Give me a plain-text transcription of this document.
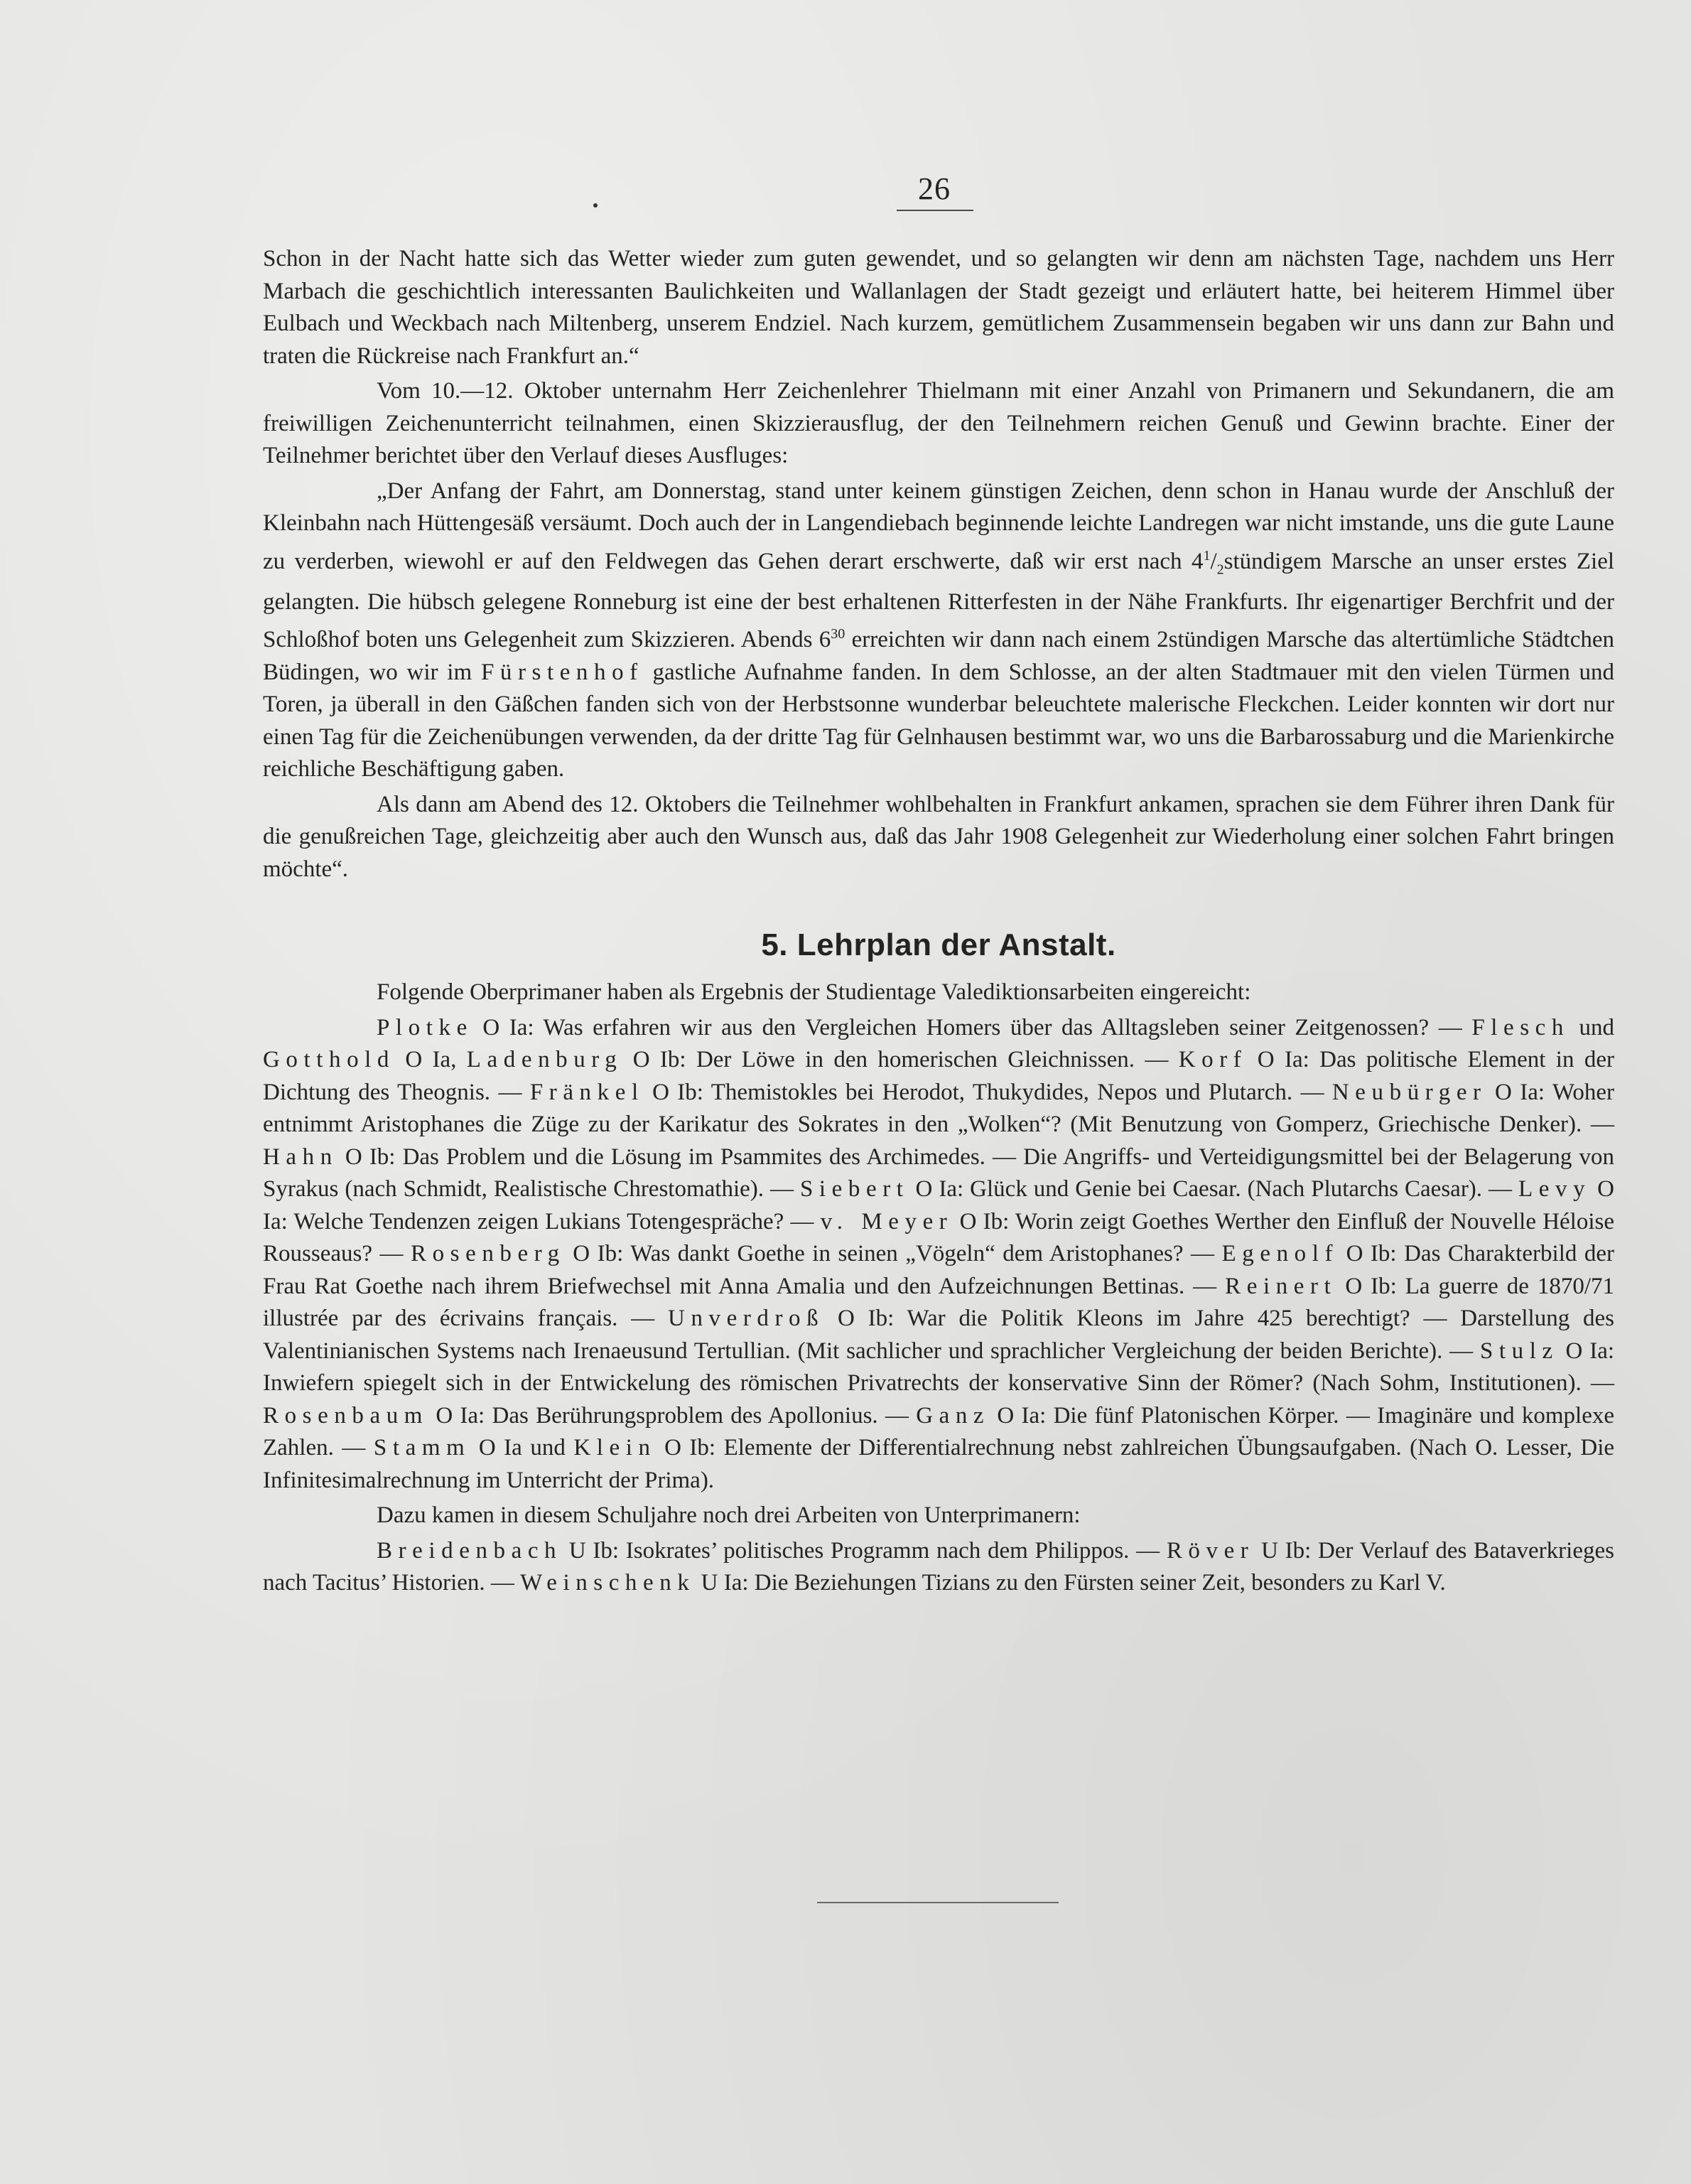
26

Schon in der Nacht hatte sich das Wetter wieder zum guten gewendet, und so gelangten wir denn am nächsten Tage, nachdem uns Herr Marbach die geschichtlich interessanten Baulichkeiten und Wallanlagen der Stadt gezeigt und erläutert hatte, bei heiterem Himmel über Eulbach und Weckbach nach Miltenberg, unserem Endziel. Nach kurzem, gemütlichem Zusammensein begaben wir uns dann zur Bahn und traten die Rückreise nach Frankfurt an.“

Vom 10.—12. Oktober unternahm Herr Zeichenlehrer Thielmann mit einer Anzahl von Primanern und Sekundanern, die am freiwilligen Zeichenunterricht teilnahmen, einen Skizzierausflug, der den Teilnehmern reichen Genuß und Gewinn brachte. Einer der Teilnehmer berichtet über den Verlauf dieses Ausfluges:

„Der Anfang der Fahrt, am Donnerstag, stand unter keinem günstigen Zeichen, denn schon in Hanau wurde der Anschluß der Kleinbahn nach Hüttengesäß versäumt. Doch auch der in Langendiebach beginnende leichte Landregen war nicht imstande, uns die gute Laune zu verderben, wiewohl er auf den Feldwegen das Gehen derart erschwerte, daß wir erst nach $4^1/_2stündigem$ Marsche an unser erstes Ziel gelangten. Die hübsch gelegene Ronneburg ist eine der best erhaltenen Ritterfesten in der Nähe Frankfurts. Ihr eigenartiger Berchfrit und der Schloßhof boten uns Gelegenheit zum Skizzieren. Abends $6^{30}$ erreichten wir dann nach einem 2stündigen Marsche das altertümliche Städtchen Büdingen, wo wir im Fürstenhof gastliche Aufnahme fanden. In dem Schlosse, an der alten Stadtmauer mit den vielen Türmen und Toren, ja überall in den Gäßchen fanden sich von der Herbstsonne wunderbar beleuchtete malerische Fleckchen. Leider konnten wir dort nur einen Tag für die Zeichenübungen verwenden, da der dritte Tag für Gelnhausen bestimmt war, wo uns die Barbarossaburg und die Marienkirche reichliche Beschäftigung gaben.

Als dann am Abend des 12. Oktobers die Teilnehmer wohlbehalten in Frankfurt ankamen, sprachen sie dem Führer ihren Dank für die genußreichen Tage, gleichzeitig aber auch den Wunsch aus, daß das Jahr 1908 Gelegenheit zur Wiederholung einer solchen Fahrt bringen möchte“.

5. Lehrplan der Anstalt.

Folgende Oberprimaner haben als Ergebnis der Studientage Valediktionsarbeiten eingereicht:

Plotke O Ia: Was erfahren wir aus den Vergleichen Homers über das Alltagsleben seiner Zeitgenossen? — Flesch und Gotthold O Ia, Ladenburg O Ib: Der Löwe in den homerischen Gleichnissen. — Korf O Ia: Das politische Element in der Dichtung des Theognis. — Fränkel O Ib: Themistokles bei Herodot, Thukydides, Nepos und Plutarch. — Neubürger O Ia: Woher entnimmt Aristophanes die Züge zu der Karikatur des Sokrates in den „Wolken“? (Mit Benutzung von Gomperz, Griechische Denker). — Hahn O Ib: Das Problem und die Lösung im Psammites des Archimedes. — Die Angriffs- und Verteidigungsmittel bei der Belagerung von Syrakus (nach Schmidt, Realistische Chrestomathie). — Siebert O Ia: Glück und Genie bei Caesar. (Nach Plutarchs Caesar). — Levy O Ia: Welche Tendenzen zeigen Lukians Totengespräche? — v. Meyer O Ib: Worin zeigt Goethes Werther den Einfluß der Nouvelle Héloise Rousseaus? — Rosenberg O Ib: Was dankt Goethe in seinen „Vögeln“ dem Aristophanes? — Egenolf O Ib: Das Charakterbild der Frau Rat Goethe nach ihrem Briefwechsel mit Anna Amalia und den Aufzeichnungen Bettinas. — Reinert O Ib: La guerre de 1870/71 illustrée par des écrivains français. — Unverdroß O Ib: War die Politik Kleons im Jahre 425 berechtigt? — Darstellung des Valentinianischen Systems nach Irenaeusund Tertullian. (Mit sachlicher und sprachlicher Vergleichung der beiden Berichte). — Stulz O Ia: Inwiefern spiegelt sich in der Entwickelung des römischen Privatrechts der konservative Sinn der Römer? (Nach Sohm, Institutionen). — Rosenbaum O Ia: Das Berührungsproblem des Apollonius. — Ganz O Ia: Die fünf Platonischen Körper. — Imaginäre und komplexe Zahlen. — Stamm O Ia und Klein O Ib: Elemente der Differentialrechnung nebst zahlreichen Übungsaufgaben. (Nach O. Lesser, Die Infinitesimalrechnung im Unterricht der Prima).

Dazu kamen in diesem Schuljahre noch drei Arbeiten von Unterprimanern:

Breidenbach U Ib: Isokrates’ politisches Programm nach dem Philippos. — Röver U Ib: Der Verlauf des Bataverkrieges nach Tacitus’ Historien. — Weinschenk U Ia: Die Beziehungen Tizians zu den Fürsten seiner Zeit, besonders zu Karl V.
